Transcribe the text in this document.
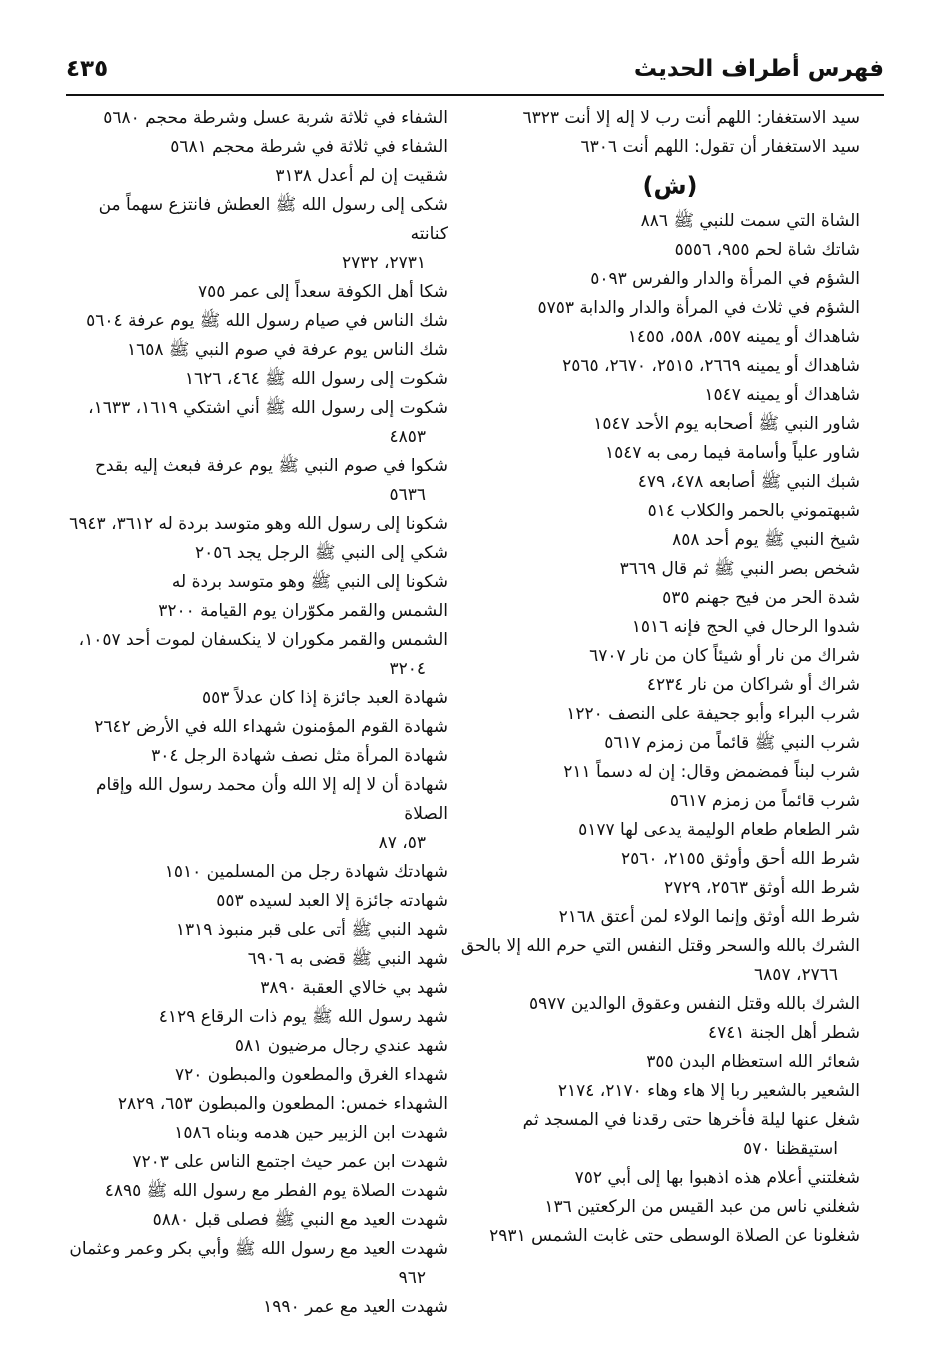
فهرس أطراف الحديث
٤٣٥
سيد الاستغفار: اللهم أنت رب لا إله إلا أنت ٦٣٢٣
سيد الاستغفار أن تقول: اللهم أنت ٦٣٠٦
(ش)
الشاة التي سمت للنبي ﷺ ٨٨٦
شاتك شاة لحم ٩٥٥، ٥٥٥٦
الشؤم في المرأة والدار والفرس ٥٠٩٣
الشؤم في ثلاث في المرأة والدار والدابة ٥٧٥٣
شاهداك أو يمينه ٥٥٧، ٥٥٨، ١٤٥٥
شاهداك أو يمينه ٢٦٦٩، ٢٥١٥، ٢٦٧٠، ٢٥٦٥
شاهداك أو يمينه ١٥٤٧
شاور النبي ﷺ أصحابه يوم الأحد ١٥٤٧
شاور علياً وأسامة فيما رمى به ١٥٤٧
شبك النبي ﷺ أصابعه ٤٧٨، ٤٧٩
شبهتموني بالحمر والكلاب ٥١٤
شيخ النبي ﷺ يوم أحد ٨٥٨
شخص بصر النبي ﷺ ثم قال ٣٦٦٩
شدة الحر من فيح جهنم ٥٣٥
شدوا الرحال في الحج فإنه ١٥١٦
شراك من نار أو شيئاً كان من نار ٦٧٠٧
شراك أو شراكان من نار ٤٢٣٤
شرب البراء وأبو جحيفة على النصف ١٢٢٠
شرب النبي ﷺ قائماً من زمزم ٥٦١٧
شرب لبناً فمضمض وقال: إن له دسماً ٢١١
شرب قائماً من زمزم ٥٦١٧
شر الطعام طعام الوليمة يدعى لها ٥١٧٧
شرط الله أحق وأوثق ٢١٥٥، ٢٥٦٠
شرط الله أوثق ٢٥٦٣، ٢٧٢٩
شرط الله أوثق وإنما الولاء لمن أعتق ٢١٦٨
الشرك بالله والسحر وقتل النفس التي حرم الله إلا بالحق
٢٧٦٦، ٦٨٥٧
الشرك بالله وقتل النفس وعقوق الوالدين ٥٩٧٧
شطر أهل الجنة ٤٧٤١
شعائر الله استعظام البدن ٣٥٥
الشعير بالشعير ربا إلا هاء وهاء ٢١٧٠، ٢١٧٤
شغل عنها ليلة فأخرها حتى رقدنا في المسجد ثم
استيقظنا ٥٧٠
شغلتني أعلام هذه اذهبوا بها إلى أبي ٧٥٢
شغلني ناس من عبد القيس من الركعتين ١٣٦
شغلونا عن الصلاة الوسطى حتى غابت الشمس ٢٩٣١
الشفاء في ثلاثة شربة عسل وشرطة محجم ٥٦٨٠
الشفاء في ثلاثة في شرطة محجم ٥٦٨١
شقيت إن لم أعدل ٣١٣٨
شكى إلى رسول الله ﷺ العطش فانتزع سهماً من كنانته
٢٧٣١، ٢٧٣٢
شكا أهل الكوفة سعداً إلى عمر ٧٥٥
شك الناس في صيام رسول الله ﷺ يوم عرفة ٥٦٠٤
شك الناس يوم عرفة في صوم النبي ﷺ ١٦٥٨
شكوت إلى رسول الله ﷺ ٤٦٤، ١٦٢٦
شكوت إلى رسول الله ﷺ أني اشتكي ١٦١٩، ١٦٣٣،
٤٨٥٣
شكوا في صوم النبي ﷺ يوم عرفة فبعث إليه بقدح
٥٦٣٦
شكونا إلى رسول الله وهو متوسد بردة له ٣٦١٢، ٦٩٤٣
شكي إلى النبي ﷺ الرجل يجد ٢٠٥٦
شكونا إلى النبي ﷺ وهو متوسد بردة له
الشمس والقمر مكوّران يوم القيامة ٣٢٠٠
الشمس والقمر مكوران لا ينكسفان لموت أحد ١٠٥٧،
٣٢٠٤
شهادة العبد جائزة إذا كان عدلاً ٥٥٣
شهادة القوم المؤمنون شهداء الله في الأرض ٢٦٤٢
شهادة المرأة مثل نصف شهادة الرجل ٣٠٤
شهادة أن لا إله إلا الله وأن محمد رسول الله وإقام الصلاة
٥٣، ٨٧
شهادتك شهادة رجل من المسلمين ١٥١٠
شهادته جائزة إلا العبد لسيده ٥٥٣
شهد النبي ﷺ أتى على قبر منبوذ ١٣١٩
شهد النبي ﷺ قضى به ٦٩٠٦
شهد بي خالاي العقبة ٣٨٩٠
شهد رسول الله ﷺ يوم ذات الرقاع ٤١٢٩
شهد عندي رجال مرضيون ٥٨١
شهداء الغرق والمطعون والمبطون ٧٢٠
الشهداء خمس: المطعون والمبطون ٦٥٣، ٢٨٢٩
شهدت ابن الزبير حين هدمه وبناه ١٥٨٦
شهدت ابن عمر حيث اجتمع الناس على ٧٢٠٣
شهدت الصلاة يوم الفطر مع رسول الله ﷺ ٤٨٩٥
شهدت العيد مع النبي ﷺ فصلى قبل ٥٨٨٠
شهدت العيد مع رسول الله ﷺ وأبي بكر وعمر وعثمان
٩٦٢
شهدت العيد مع عمر ١٩٩٠
